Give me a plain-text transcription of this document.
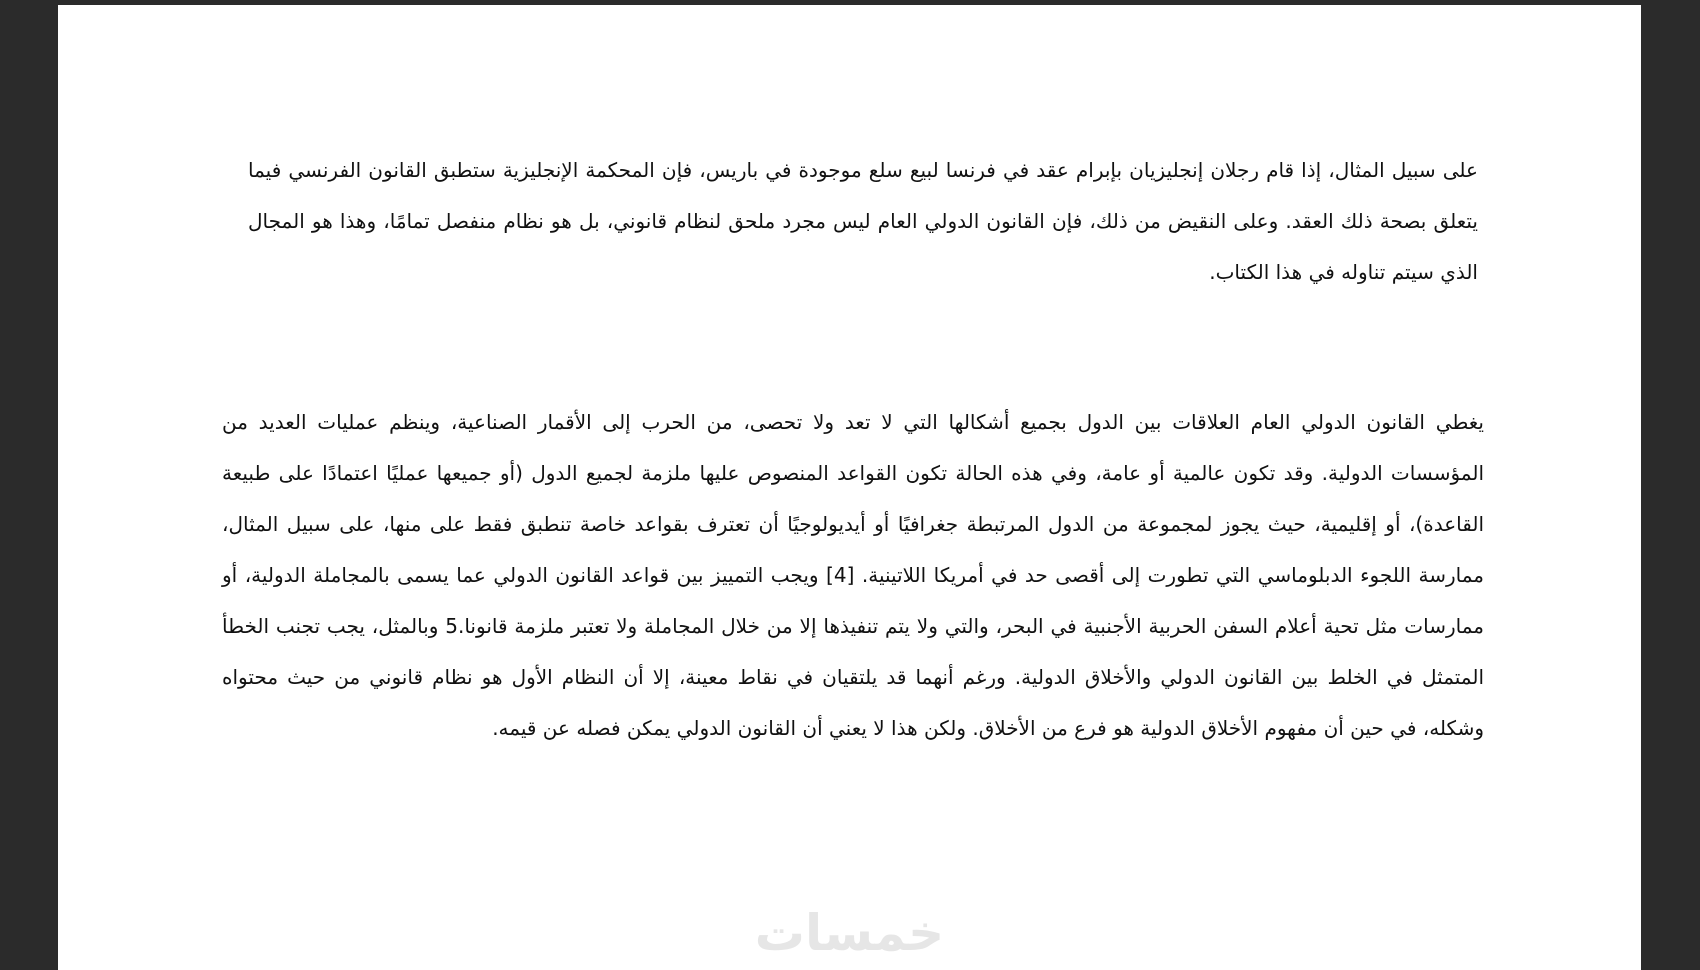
على سبيل المثال، إذا قام رجلان إنجليزيان بإبرام عقد في فرنسا لبيع سلع موجودة في باريس، فإن المحكمة الإنجليزية ستطبق القانون الفرنسي فيما يتعلق بصحة ذلك العقد. وعلى النقيض من ذلك، فإن القانون الدولي العام ليس مجرد ملحق لنظام قانوني، بل هو نظام منفصل تمامًا، وهذا هو المجال الذي سيتم تناوله في هذا الكتاب.

يغطي القانون الدولي العام العلاقات بين الدول بجميع أشكالها التي لا تعد ولا تحصى، من الحرب إلى الأقمار الصناعية، وينظم عمليات العديد من المؤسسات الدولية. وقد تكون عالمية أو عامة، وفي هذه الحالة تكون القواعد المنصوص عليها ملزمة لجميع الدول (أو جميعها عمليًا اعتمادًا على طبيعة القاعدة)، أو إقليمية، حيث يجوز لمجموعة من الدول المرتبطة جغرافيًا أو أيديولوجيًا أن تعترف بقواعد خاصة تنطبق فقط على منها، على سبيل المثال، ممارسة اللجوء الدبلوماسي التي تطورت إلى أقصى حد في أمريكا اللاتينية. [4] ويجب التمييز بين قواعد القانون الدولي عما يسمى بالمجاملة الدولية، أو ممارسات مثل تحية أعلام السفن الحربية الأجنبية في البحر، والتي ولا يتم تنفيذها إلا من خلال المجاملة ولا تعتبر ملزمة قانونا.5 وبالمثل، يجب تجنب الخطأ المتمثل في الخلط بين القانون الدولي والأخلاق الدولية. ورغم أنهما قد يلتقيان في نقاط معينة، إلا أن النظام الأول هو نظام قانوني من حيث محتواه وشكله، في حين أن مفهوم الأخلاق الدولية هو فرع من الأخلاق. ولكن هذا لا يعني أن القانون الدولي يمكن فصله عن قيمه.

خمسات
